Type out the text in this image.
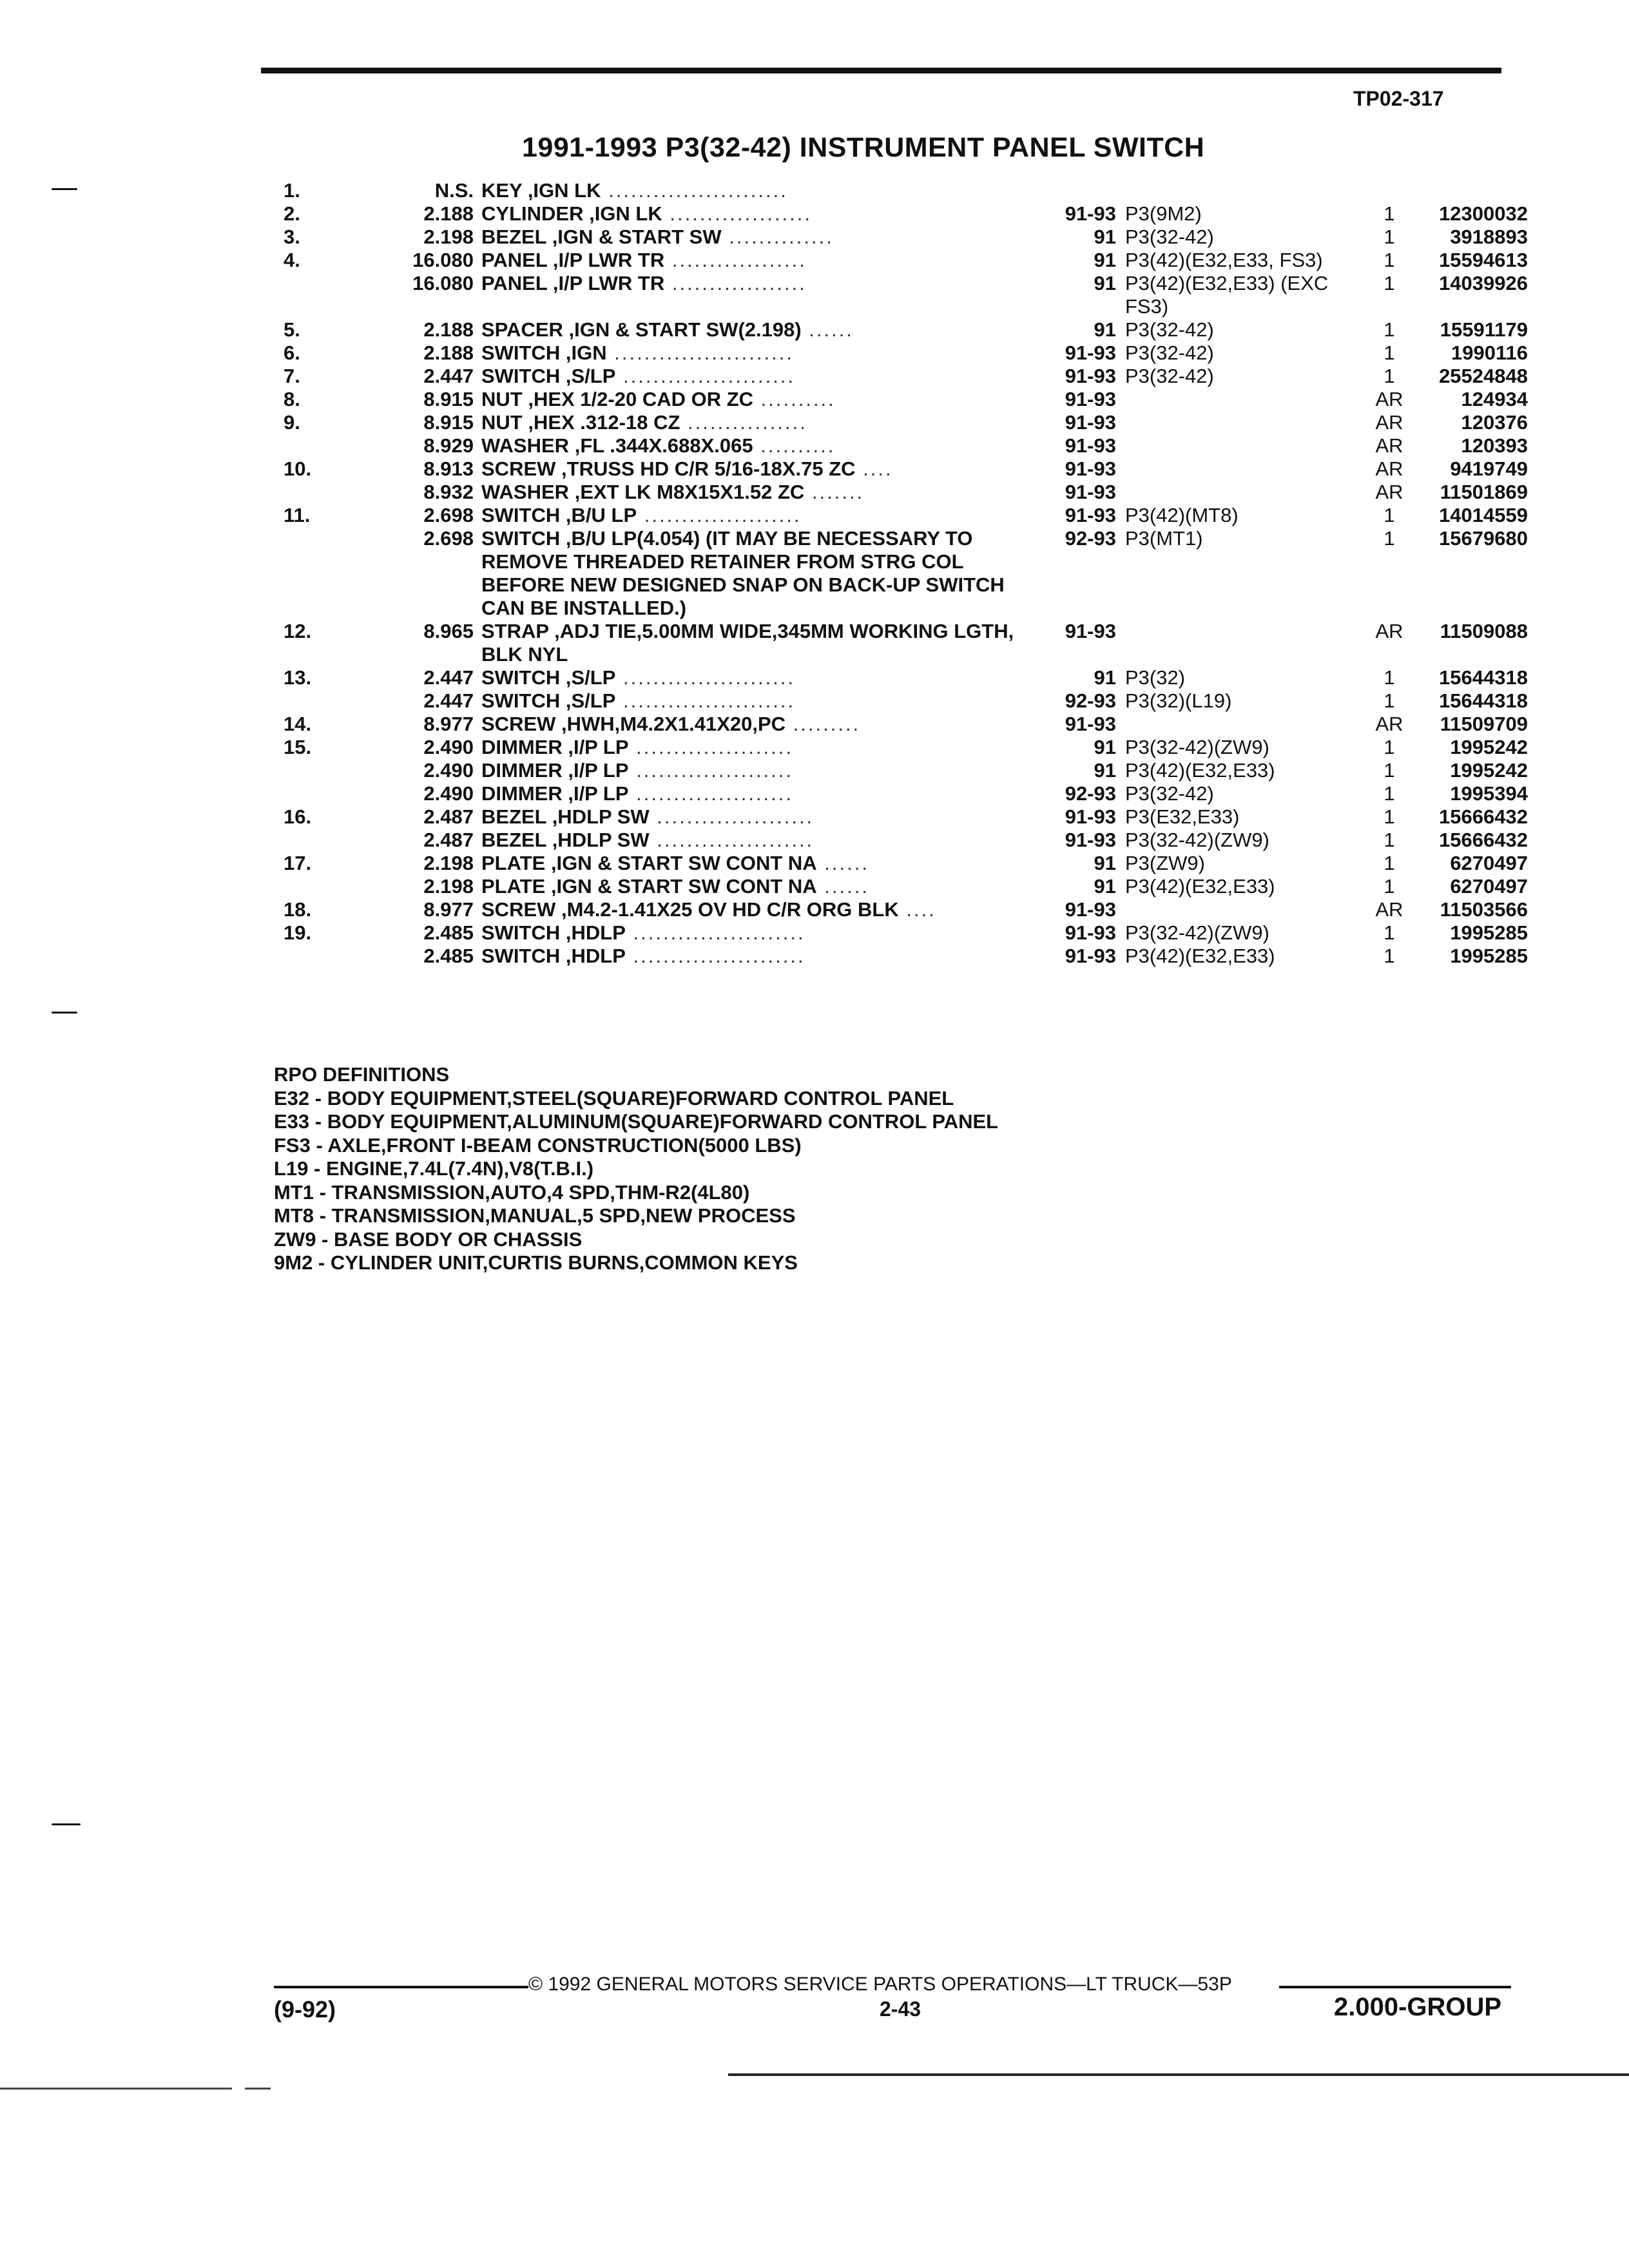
TP02-317
1991-1993 P3(32-42) INSTRUMENT PANEL SWITCH
1.	N.S.	KEY ,IGN LK ........................				
2.	2.188	CYLINDER ,IGN LK ...................	91-93	P3(9M2)	1	12300032
3.	2.198	BEZEL ,IGN & START SW ..............	91	P3(32-42)	1	3918893
4.	16.080	PANEL ,I/P LWR TR ..................	91	P3(42)(E32,E33, FS3)	1	15594613
	16.080	PANEL ,I/P LWR TR ..................	91	P3(42)(E32,E33) (EXC FS3)	1	14039926
5.	2.188	SPACER ,IGN & START SW(2.198) ......	91	P3(32-42)	1	15591179
6.	2.188	SWITCH ,IGN ........................	91-93	P3(32-42)	1	1990116
7.	2.447	SWITCH ,S/LP .......................	91-93	P3(32-42)	1	25524848
8.	8.915	NUT ,HEX 1/2-20 CAD OR ZC ..........	91-93		AR	124934
9.	8.915	NUT ,HEX .312-18 CZ ................	91-93		AR	120376
	8.929	WASHER ,FL .344X.688X.065 ..........	91-93		AR	120393
10.	8.913	SCREW ,TRUSS HD C/R 5/16-18X.75 ZC ....	91-93		AR	9419749
	8.932	WASHER ,EXT LK M8X15X1.52 ZC .......	91-93		AR	11501869
11.	2.698	SWITCH ,B/U LP .....................	91-93	P3(42)(MT8)	1	14014559
	2.698	SWITCH ,B/U LP(4.054) (IT MAY BE NECESSARY TO REMOVE THREADED RETAINER FROM STRG COL BEFORE NEW DESIGNED SNAP ON BACK-UP SWITCH CAN BE INSTALLED.)	92-93	P3(MT1)	1	15679680
12.	8.965	STRAP ,ADJ TIE,5.00MM WIDE,345MM WORKING LGTH, BLK NYL	91-93		AR	11509088
13.	2.447	SWITCH ,S/LP .......................	91	P3(32)	1	15644318
	2.447	SWITCH ,S/LP .......................	92-93	P3(32)(L19)	1	15644318
14.	8.977	SCREW ,HWH,M4.2X1.41X20,PC .........	91-93		AR	11509709
15.	2.490	DIMMER ,I/P LP .....................	91	P3(32-42)(ZW9)	1	1995242
	2.490	DIMMER ,I/P LP .....................	91	P3(42)(E32,E33)	1	1995242
	2.490	DIMMER ,I/P LP .....................	92-93	P3(32-42)	1	1995394
16.	2.487	BEZEL ,HDLP SW .....................	91-93	P3(E32,E33)	1	15666432
	2.487	BEZEL ,HDLP SW .....................	91-93	P3(32-42)(ZW9)	1	15666432
17.	2.198	PLATE ,IGN & START SW CONT NA ......	91	P3(ZW9)	1	6270497
	2.198	PLATE ,IGN & START SW CONT NA ......	91	P3(42)(E32,E33)	1	6270497
18.	8.977	SCREW ,M4.2-1.41X25 OV HD C/R ORG BLK ....	91-93		AR	11503566
19.	2.485	SWITCH ,HDLP .......................	91-93	P3(32-42)(ZW9)	1	1995285
	2.485	SWITCH ,HDLP .......................	91-93	P3(42)(E32,E33)	1	1995285
RPO DEFINITIONS
E32 - BODY EQUIPMENT,STEEL(SQUARE)FORWARD CONTROL PANEL
E33 - BODY EQUIPMENT,ALUMINUM(SQUARE)FORWARD CONTROL PANEL
FS3 - AXLE,FRONT I-BEAM CONSTRUCTION(5000 LBS)
L19 - ENGINE,7.4L(7.4N),V8(T.B.I.)
MT1 - TRANSMISSION,AUTO,4 SPD,THM-R2(4L80)
MT8 - TRANSMISSION,MANUAL,5 SPD,NEW PROCESS
ZW9 - BASE BODY OR CHASSIS
9M2 - CYLINDER UNIT,CURTIS BURNS,COMMON KEYS
© 1992 GENERAL MOTORS SERVICE PARTS OPERATIONS—LT TRUCK—53P
(9-92)	2-43	2.000-GROUP
